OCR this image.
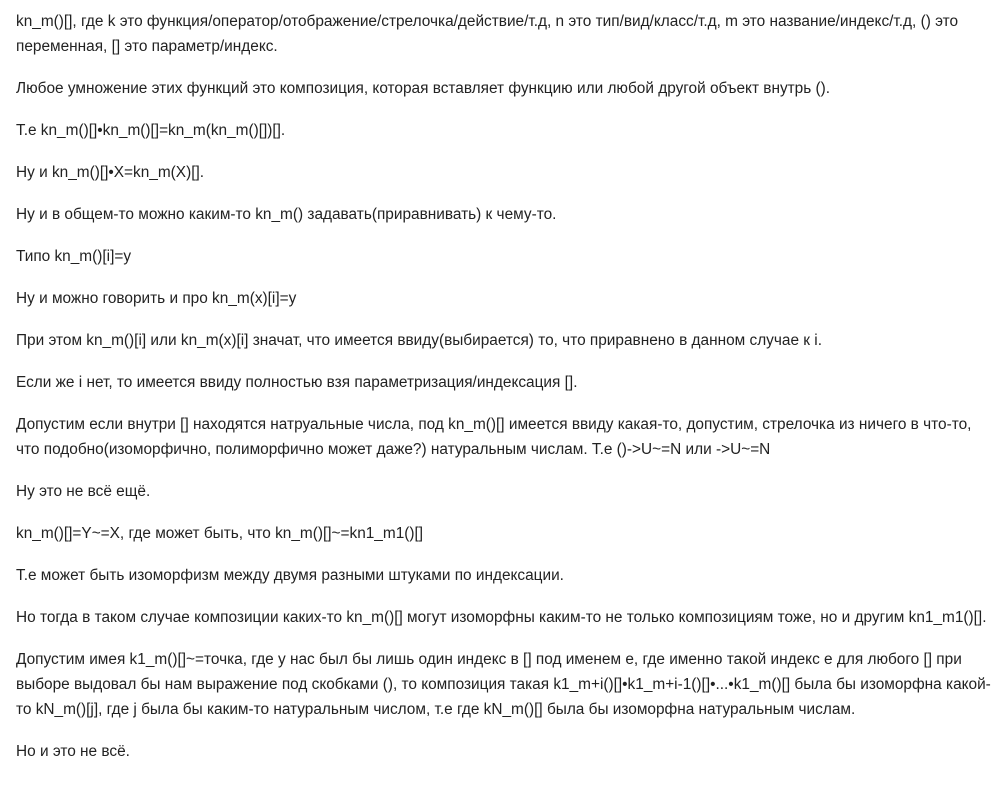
kn_m()[], где k это функция/оператор/отображение/стрелочка/действие/т.д, n это тип/вид/класс/т.д, m это название/индекс/т.д, () это переменная, [] это параметр/индекс.

Любое умножение этих функций это композиция, которая вставляет функцию или любой другой объект внутрь ().

Т.е kn_m()[]•kn_m()[]=kn_m(kn_m()[])[].

Ну и kn_m()[]•X=kn_m(X)[].

Ну и в общем-то можно каким-то kn_m() задавать(приравнивать) к чему-то.

Типо kn_m()[i]=y

Ну и можно говорить и про kn_m(x)[i]=y

При этом kn_m()[i] или kn_m(x)[i] значат, что имеется ввиду(выбирается) то, что приравнено в данном случае к i.

Если же i нет, то имеется ввиду полностью взя параметризация/индексация [].

Допустим если внутри [] находятся натруальные числа, под kn_m()[] имеется ввиду какая-то, допустим, стрелочка из ничего в что-то, что подобно(изоморфично, полиморфично может даже?) натуральным числам. Т.е ()->U~=N или ->U~=N

Ну это не всё ещё.

kn_m()[]=Y~=X, где может быть, что kn_m()[]~=kn1_m1()[]

Т.е может быть изоморфизм между двумя разными штуками по индексации.

Но тогда в таком случае композиции каких-то kn_m()[] могут изоморфны каким-то не только композициям тоже, но и другим kn1_m1()[].

Допустим имея k1_m()[]~=точка, где у нас был бы лишь один индекс в [] под именем e, где именно такой индекс e для любого [] при выборе выдовал бы нам выражение под скобками (), то композиция такая k1_m+i()[]•k1_m+i-1()[]•...•k1_m()[] была бы изоморфна какой-то kN_m()[j], где j была бы каким-то натуральным числом, т.е где kN_m()[] была бы изоморфна натуральным числам.

Но и это не всё.
